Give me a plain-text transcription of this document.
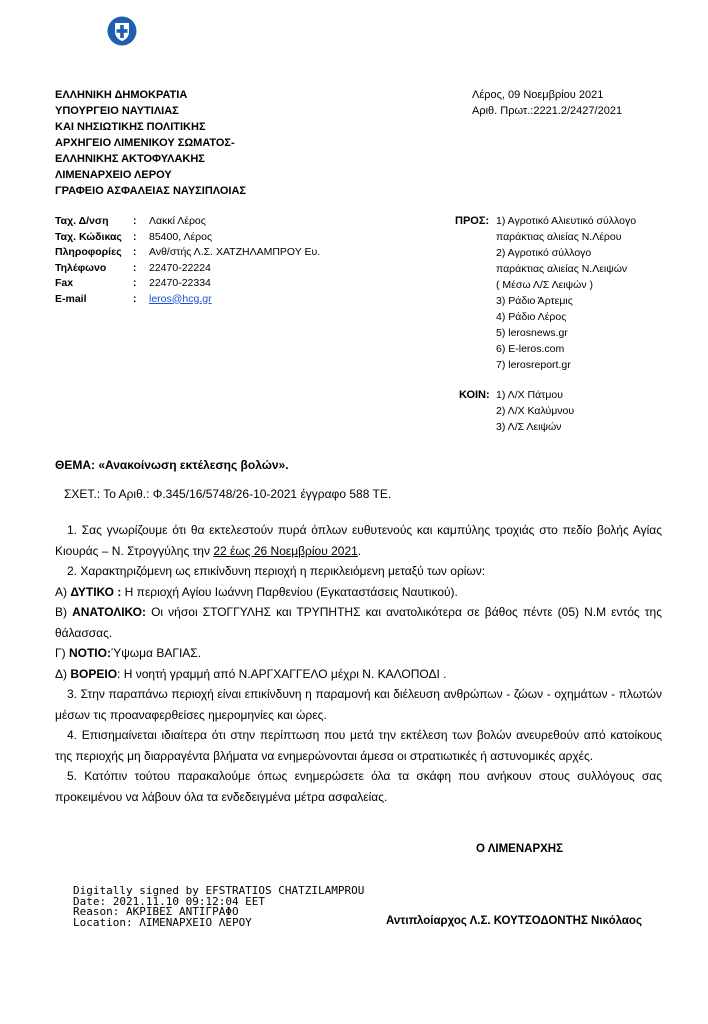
ΕΛΛΗΝΙΚΗ ΔΗΜΟΚΡΑΤΙΑ
ΥΠΟΥΡΓΕΙΟ ΝΑΥΤΙΛΙΑΣ
ΚΑΙ ΝΗΣΙΩΤΙΚΗΣ ΠΟΛΙΤΙΚΗΣ
ΑΡΧΗΓΕΙΟ ΛΙΜΕΝΙΚΟΥ ΣΩΜΑΤΟΣ-
ΕΛΛΗΝΙΚΗΣ ΑΚΤΟΦΥΛΑΚΗΣ
ΛΙΜΕΝΑΡΧΕΙΟ ΛΕΡΟΥ
ΓΡΑΦΕΙΟ ΑΣΦΑΛΕΙΑΣ ΝΑΥΣΙΠΛΟΙΑΣ
Λέρος, 09 Νοεμβρίου 2021
Αριθ. Πρωτ.:2221.2/2427/2021
Ταχ. Δ/νση	:	Λακκί Λέρος
Ταχ. Κώδικας	:	85400, Λέρος
Πληροφορίες	:	Ανθ/στής Λ.Σ. ΧΑΤΖΗΛΑΜΠΡΟΥ Ευ.
Τηλέφωνο	:	22470-22224
Fax	:	22470-22334
E-mail	:	leros@hcg.gr
ΠΡΟΣ: 1) Αγροτικό Αλιευτικό σύλλογο
παράκτιας αλιείας Ν.Λέρου
2) Αγροτικό σύλλογο
παράκτιας αλιείας Ν.Λειψών
( Μέσω Λ/Σ Λειψών )
3) Ράδιο Άρτεμις
4) Ράδιο Λέρος
5) lerosnews.gr
6) E-leros.com
7) lerosreport.gr
ΚΟΙΝ: 1) Λ/Χ Πάτμου
2) Λ/Χ Καλύμνου
3) Λ/Σ Λειψών
ΘΕΜΑ: «Ανακοίνωση εκτέλεσης βολών».
ΣΧΕΤ.: Το Αριθ.: Φ.345/16/5748/26-10-2021 έγγραφο 588 ΤΕ.

1. Σας γνωρίζουμε ότι θα εκτελεστούν πυρά όπλων ευθυτενούς και καμπύλης τροχιάς στο πεδίο βολής Αγίας Κιουράς – Ν. Στρογγύλης την 22 έως 26 Νοεμβρίου 2021.

2. Χαρακτηριζόμενη ως επικίνδυνη περιοχή η περικλειόμενη μεταξύ των ορίων:

Α) ΔΥΤΙΚΟ : Η περιοχή Αγίου Ιωάννη Παρθενίου (Εγκαταστάσεις Ναυτικού).

Β) ΑΝΑΤΟΛΙΚΟ: Οι νήσοι ΣΤΟΓΓΥΛΗΣ και ΤΡΥΠΗΤΗΣ και ανατολικότερα σε βάθος πέντε (05) Ν.Μ εντός της θάλασσας.

Γ) ΝΟΤΙΟ:Ύψωμα ΒΑΓΙΑΣ.

Δ) ΒΟΡΕΙΟ: Η νοητή γραμμή από Ν.ΑΡΓΧΑΓΓΕΛΟ μέχρι Ν. ΚΑΛΟΠΟΔΙ .

3. Στην παραπάνω περιοχή είναι επικίνδυνη η παραμονή και διέλευση ανθρώπων - ζώων - οχημάτων - πλωτών μέσων τις προαναφερθείσες ημερομηνίες και ώρες.

4. Επισημαίνεται ιδιαίτερα ότι στην περίπτωση που μετά την εκτέλεση των βολών ανευρεθούν από κατοίκους της περιοχής μη διαρραγέντα βλήματα να ενημερώνονται άμεσα οι στρατιωτικές ή αστυνομικές αρχές.

5. Κατόπιν τούτου παρακαλούμε όπως ενημερώσετε όλα τα σκάφη που ανήκουν στους συλλόγους σας προκειμένου να λάβουν όλα τα ενδεδειγμένα μέτρα ασφαλείας.

Ο ΛΙΜΕΝΑΡΧΗΣ
Digitally signed by EFSTRATIOS CHATZILAMPROU
Date: 2021.11.10 09:12:04 EET
Reason: ΑΚΡΙΒΕΣ ΑΝΤΙΓΡΑΦΟ
Location: ΛΙΜΕΝΑΡΧΕΙΟ ΛΕΡΟΥ	Αντιπλοίαρχος Λ.Σ. ΚΟΥΤΣΟΔΟΝΤΗΣ Νικόλαος
